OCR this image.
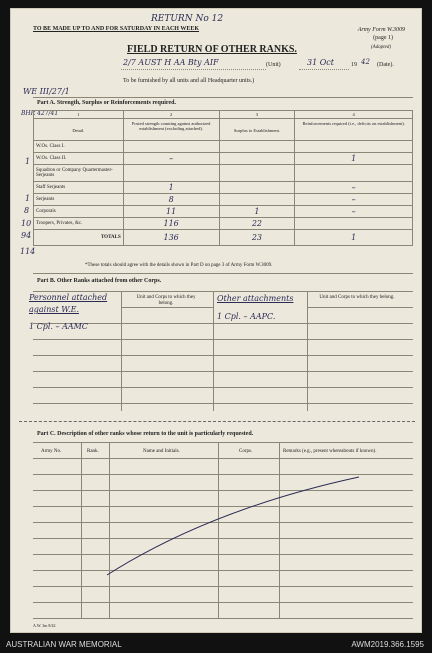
TO BE MADE UP TO AND FOR SATURDAY IN EACH WEEK
RETURN No 12
Army Form W.3009
(page 1)
(Adapted)
FIELD RETURN OF OTHER RANKS.
2/7 AUST H AA Bty AIF	(Unit)	31 Oct	19 42 (Date).
To be furnished by all units and all Headquarter units.)
WE III/27/1
Part A. Strength, Surplus or Reinforcements required.
BHR 427/41	1	2	3	4
Detail.	Posted strength counting against authorized establishment (excluding attached).	Surplus to Establishment.	Reinforcements required (i.e., deficits on establishment).
W.Os. Class I.			
W.Os. Class II.	–		1
Squadron or Company Quartermaster-Serjeants			
Staff Serjeants	1		–
Serjeants	8		–
Corporals	11	1	–
Troopers, Privates, &c.	116	22	
TOTALS	136	23	1
1
1
8
10
94
114
*These totals should agree with the details shown in Part D on page 3 of Army Form W.3009.
Part B. Other Ranks attached from other Corps.
Unit and Corps to which they belong.
Unit and Corps to which they belong.
Personnel attached
against W.E.
1 Cpl. – AAMC
Other attachments
1 Cpl. – AAPC.
Part C. Description of other ranks whose return to the unit is particularly requested.
Army No.	Rank.	Name and Initials.	Corps.	Remarks (e.g., present whereabouts if known).
A.W. 3m 8/42
AUSTRALIAN WAR MEMORIAL	AWM2019.366.1595
